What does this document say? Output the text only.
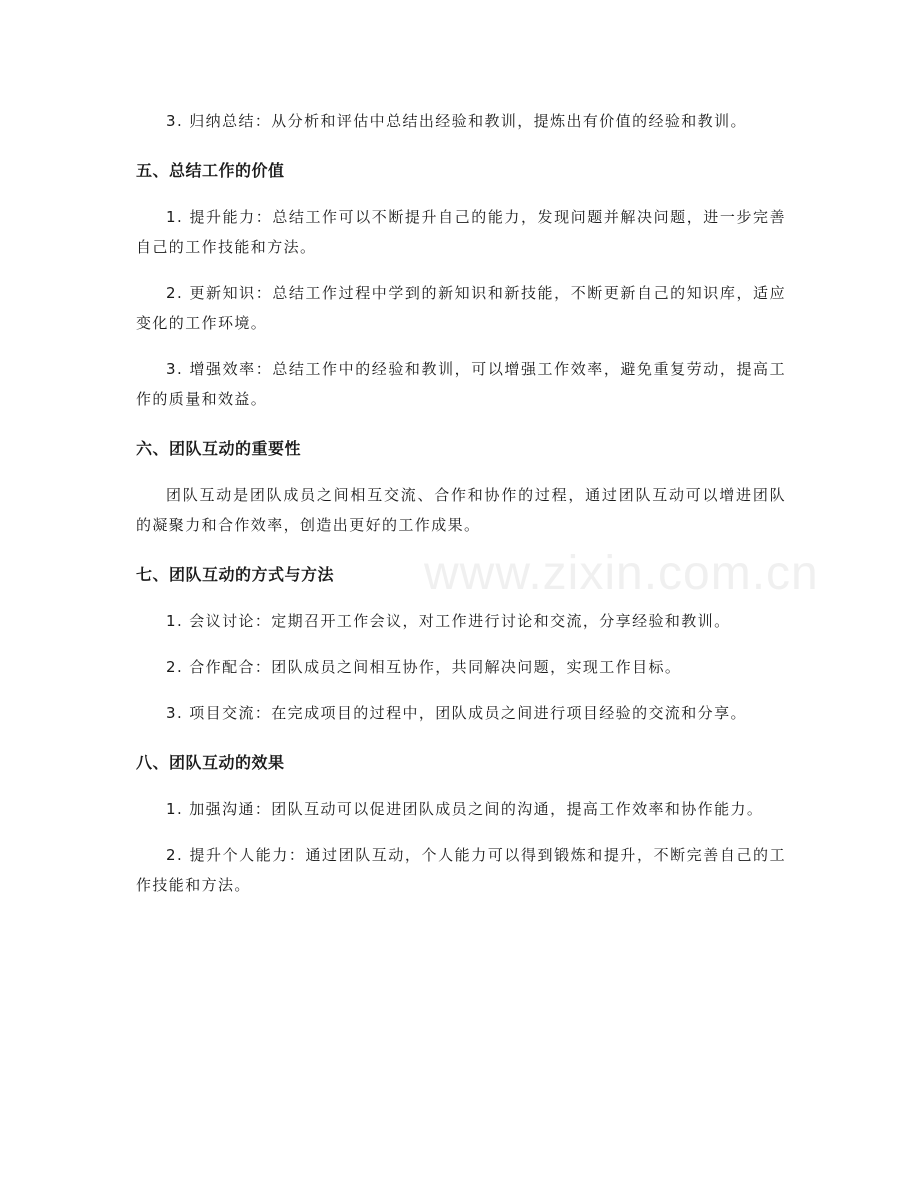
3. 归纳总结：从分析和评估中总结出经验和教训，提炼出有价值的经验和教训。

五、总结工作的价值

1. 提升能力：总结工作可以不断提升自己的能力，发现问题并解决问题，进一步完善自己的工作技能和方法。

2. 更新知识：总结工作过程中学到的新知识和新技能，不断更新自己的知识库，适应变化的工作环境。

3. 增强效率：总结工作中的经验和教训，可以增强工作效率，避免重复劳动，提高工作的质量和效益。

六、团队互动的重要性

团队互动是团队成员之间相互交流、合作和协作的过程，通过团队互动可以增进团队的凝聚力和合作效率，创造出更好的工作成果。

七、团队互动的方式与方法

1. 会议讨论：定期召开工作会议，对工作进行讨论和交流，分享经验和教训。

2. 合作配合：团队成员之间相互协作，共同解决问题，实现工作目标。

3. 项目交流：在完成项目的过程中，团队成员之间进行项目经验的交流和分享。

八、团队互动的效果

1. 加强沟通：团队互动可以促进团队成员之间的沟通，提高工作效率和协作能力。

2. 提升个人能力：通过团队互动，个人能力可以得到锻炼和提升，不断完善自己的工作技能和方法。

www.zixin.com.cn
